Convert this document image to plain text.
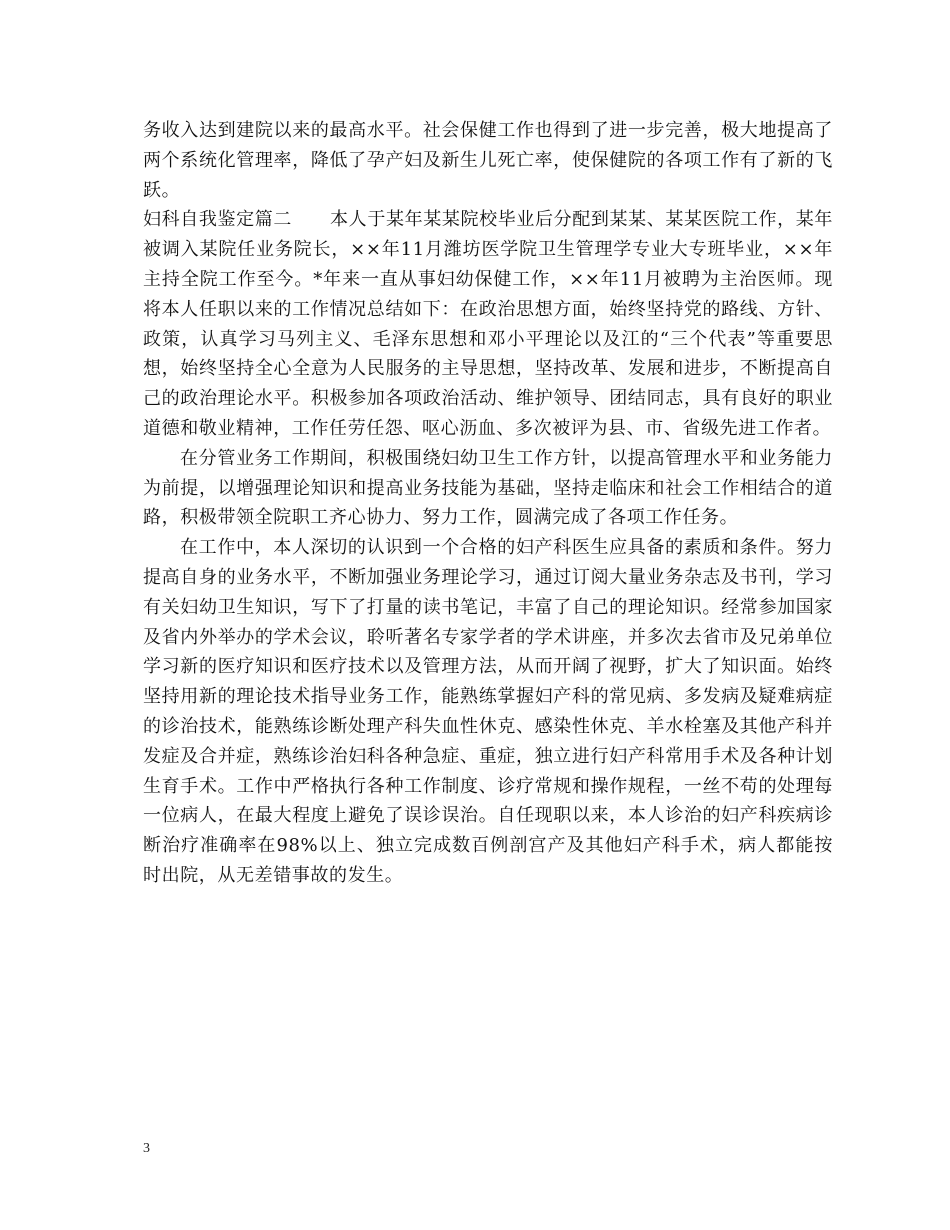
务收入达到建院以来的最高水平。社会保健工作也得到了进一步完善，极大地提高了两个系统化管理率，降低了孕产妇及新生儿死亡率，使保健院的各项工作有了新的飞跃。

妇科自我鉴定篇二 本人于某年某某院校毕业后分配到某某、某某医院工作，某年被调入某院任业务院长，××年11月潍坊医学院卫生管理学专业大专班毕业，××年主持全院工作至今。*年来一直从事妇幼保健工作，××年11月被聘为主治医师。现将本人任职以来的工作情况总结如下：在政治思想方面，始终坚持党的路线、方针、政策，认真学习马列主义、毛泽东思想和邓小平理论以及江的“三个代表”等重要思想，始终坚持全心全意为人民服务的主导思想，坚持改革、发展和进步，不断提高自己的政治理论水平。积极参加各项政治活动、维护领导、团结同志，具有良好的职业道德和敬业精神，工作任劳任怨、呕心沥血、多次被评为县、市、省级先进工作者。

在分管业务工作期间，积极围绕妇幼卫生工作方针，以提高管理水平和业务能力为前提，以增强理论知识和提高业务技能为基础，坚持走临床和社会工作相结合的道路，积极带领全院职工齐心协力、努力工作，圆满完成了各项工作任务。

在工作中，本人深切的认识到一个合格的妇产科医生应具备的素质和条件。努力提高自身的业务水平，不断加强业务理论学习，通过订阅大量业务杂志及书刊，学习有关妇幼卫生知识，写下了打量的读书笔记，丰富了自己的理论知识。经常参加国家及省内外举办的学术会议，聆听著名专家学者的学术讲座，并多次去省市及兄弟单位学习新的医疗知识和医疗技术以及管理方法，从而开阔了视野，扩大了知识面。始终坚持用新的理论技术指导业务工作，能熟练掌握妇产科的常见病、多发病及疑难病症的诊治技术，能熟练诊断处理产科失血性休克、感染性休克、羊水栓塞及其他产科并发症及合并症，熟练诊治妇科各种急症、重症，独立进行妇产科常用手术及各种计划生育手术。工作中严格执行各种工作制度、诊疗常规和操作规程，一丝不苟的处理每一位病人，在最大程度上避免了误诊误治。自任现职以来，本人诊治的妇产科疾病诊断治疗准确率在98%以上、独立完成数百例剖宫产及其他妇产科手术，病人都能按时出院，从无差错事故的发生。

3
